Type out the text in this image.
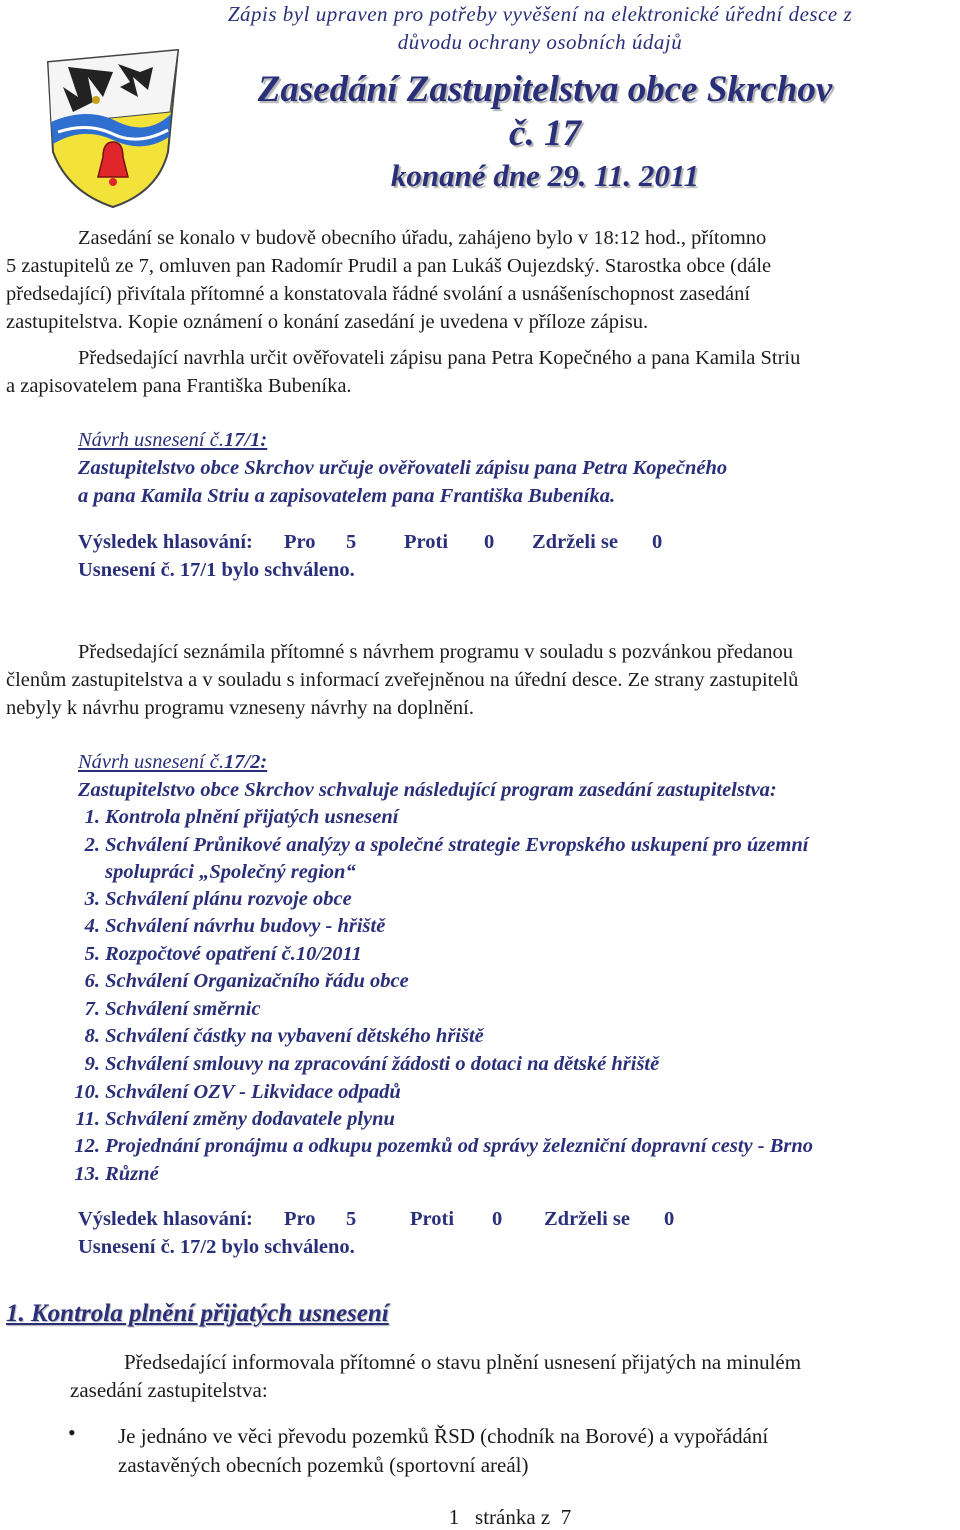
Zápis byl upraven pro potřeby vyvěšení na elektronické úřední desce z
důvodu ochrany osobních údajů
Zasedání Zastupitelstva obce Skrchov
č. 17
konané dne 29. 11. 2011
Zasedání se konalo v budově obecního úřadu, zahájeno bylo v 18:12 hod., přítomno
5 zastupitelů ze 7, omluven pan Radomír Prudil a pan Lukáš Oujezdský. Starostka obce (dále
předsedající) přivítala přítomné a konstatovala řádné svolání a usnášeníschopnost zasedání
zastupitelstva. Kopie oznámení o konání zasedání je uvedena v příloze zápisu.
Předsedající navrhla určit ověřovateli zápisu pana Petra Kopečného a pana Kamila Striu
a zapisovatelem pana Františka Bubeníka.
Návrh usnesení č.17/1:
Zastupitelstvo obce Skrchov určuje ověřovateli zápisu pana Petra Kopečného
a pana Kamila Striu a zapisovatelem pana Františka Bubeníka.
Výsledek hlasování: Pro 5 Proti 0 Zdrželi se 0
Usnesení č. 17/1 bylo schváleno.
Předsedající seznámila přítomné s návrhem programu v souladu s pozvánkou předanou
členům zastupitelstva a v souladu s informací zveřejněnou na úřední desce. Ze strany zastupitelů
nebyly k návrhu programu vzneseny návrhy na doplnění.
Návrh usnesení č.17/2:
Zastupitelstvo obce Skrchov schvaluje následující program zasedání zastupitelstva:
1. Kontrola plnění přijatých usnesení
2. Schválení Průnikové analýzy a společné strategie Evropského uskupení pro územní
spolupráci „Společný region“
3. Schválení plánu rozvoje obce
4. Schválení návrhu budovy - hřiště
5. Rozpočtové opatření č.10/2011
6. Schválení Organizačního řádu obce
7. Schválení směrnic
8. Schválení částky na vybavení dětského hřiště
9. Schválení smlouvy na zpracování žádosti o dotaci na dětské hřiště
10. Schválení OZV - Likvidace odpadů
11. Schválení změny dodavatele plynu
12. Projednání pronájmu a odkupu pozemků od správy železniční dopravní cesty - Brno
13. Různé
Výsledek hlasování: Pro 5	Proti 0 Zdrželi se 0
Usnesení č. 17/2 bylo schváleno.
1. Kontrola plnění přijatých usnesení
Předsedající informovala přítomné o stavu plnění usnesení přijatých na minulém
zasedání zastupitelstva:
• Je jednáno ve věci převodu pozemků ŘSD (chodník na Borové) a vypořádání
zastavěných obecních pozemků (sportovní areál)
1 stránka z 7
